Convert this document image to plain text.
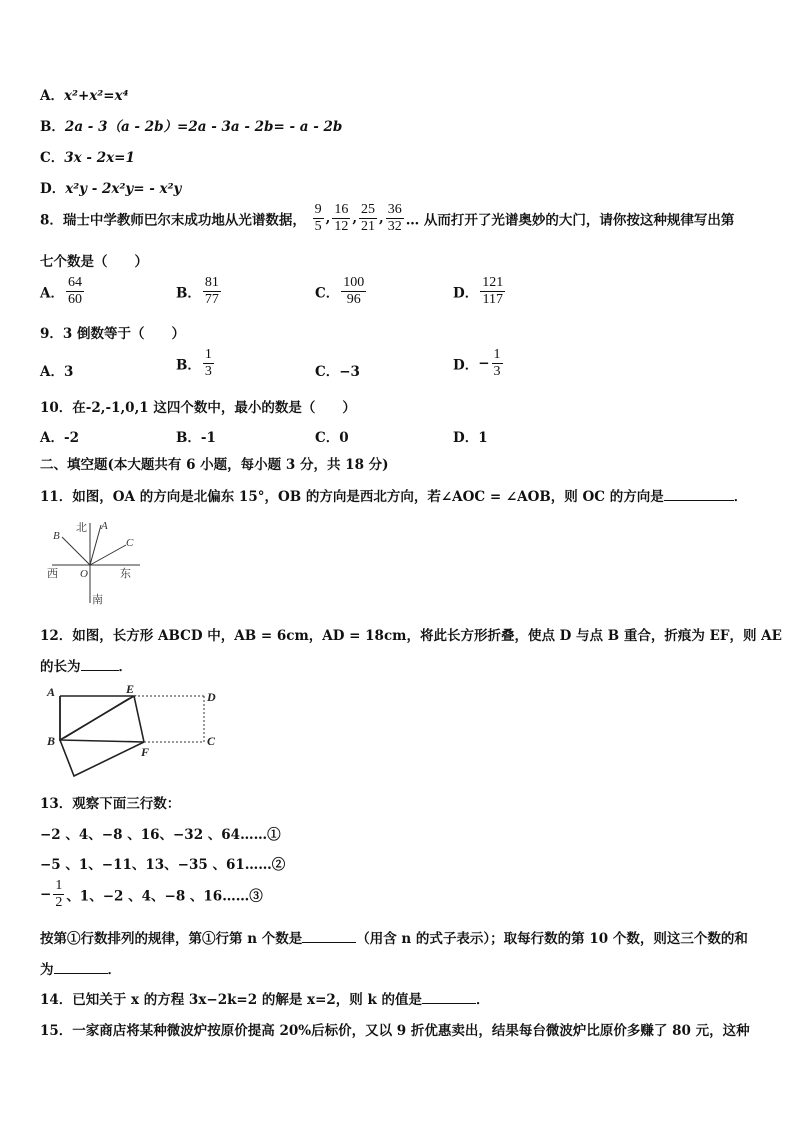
A．x²+x²=x⁴
B．2a - 3（a - 2b）=2a - 3a - 2b= - a - 2b
C．3x - 2x=1
D．x²y - 2x²y= - x²y
8．瑞士中学教师巴尔末成功地从光谱数据， $\frac{9}{5}$ , $\frac{16}{12}$ , $\frac{25}{21}$ , $\frac{36}{32}$ … 从而打开了光谱奥妙的大门，请你按这种规律写出第
七个数是（　　）
A． $\frac{64}{60}$	B． $\frac{81}{77}$	C． $\frac{100}{96}$	D． $\frac{121}{117}$
9．3 倒数等于（　　）
A．3	B． $\frac{1}{3}$	C．−3	D．− $\frac{1}{3}$
10．在-2,-1,0,1 这四个数中，最小的数是（　　）
A．-2	B．-1	C．0	D．1
二、填空题(本大题共有 6 小题，每小题 3 分，共 18 分)
11．如图，OA 的方向是北偏东 15°，OB 的方向是西北方向，若∠AOC = ∠AOB，则 OC 的方向是	．
北 A
B
C
西 O	东
南
12．如图，长方形 ABCD 中，AB = 6cm，AD = 18cm，将此长方形折叠，使点 D 与点 B 重合，折痕为 EF，则 AE
的长为	．
A	E
D
B	C
F
13．观察下面三行数：
−2 、4、−8 、16、−32 、64……①
−5 、1、−11、13、−35 、61……②
− $\frac{1}{2}$ 、1、−2 、4、−8 、16……③
按第①行数排列的规律，第①行第 n 个数是	（用含 n 的式子表示）；取每行数的第 10 个数，则这三个数的和
为	．
14．已知关于 x 的方程 3x−2k=2 的解是 x=2，则 k 的值是	．
15．一家商店将某种微波炉按原价提高 20%后标价，又以 9 折优惠卖出，结果每台微波炉比原价多赚了 80 元，这种
